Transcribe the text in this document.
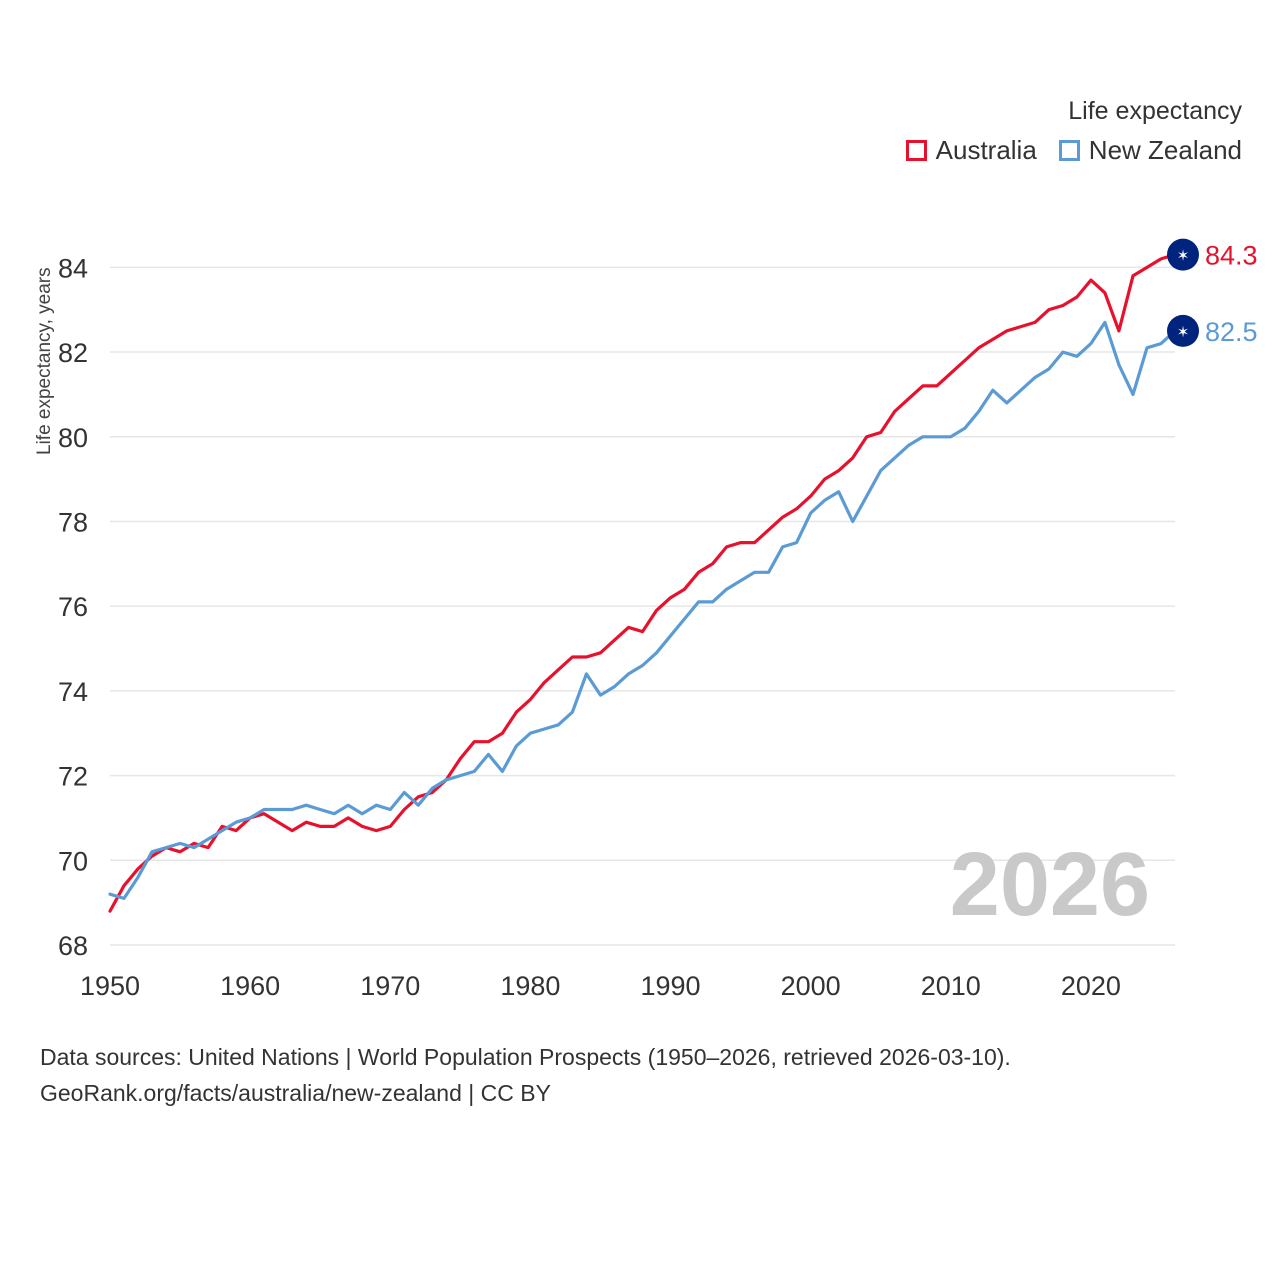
Life expectancy
Australia New Zealand
Life expectancy, years
68
70
72
74
76
78
80
82
84
1950	1960	1970	1980	1990	2000	2010	2020
2026
✶ 84.3
✶ 82.5
Data sources: United Nations | World Population Prospects (1950–2026, retrieved 2026-03-10).
GeoRank.org/facts/australia/new-zealand | CC BY
